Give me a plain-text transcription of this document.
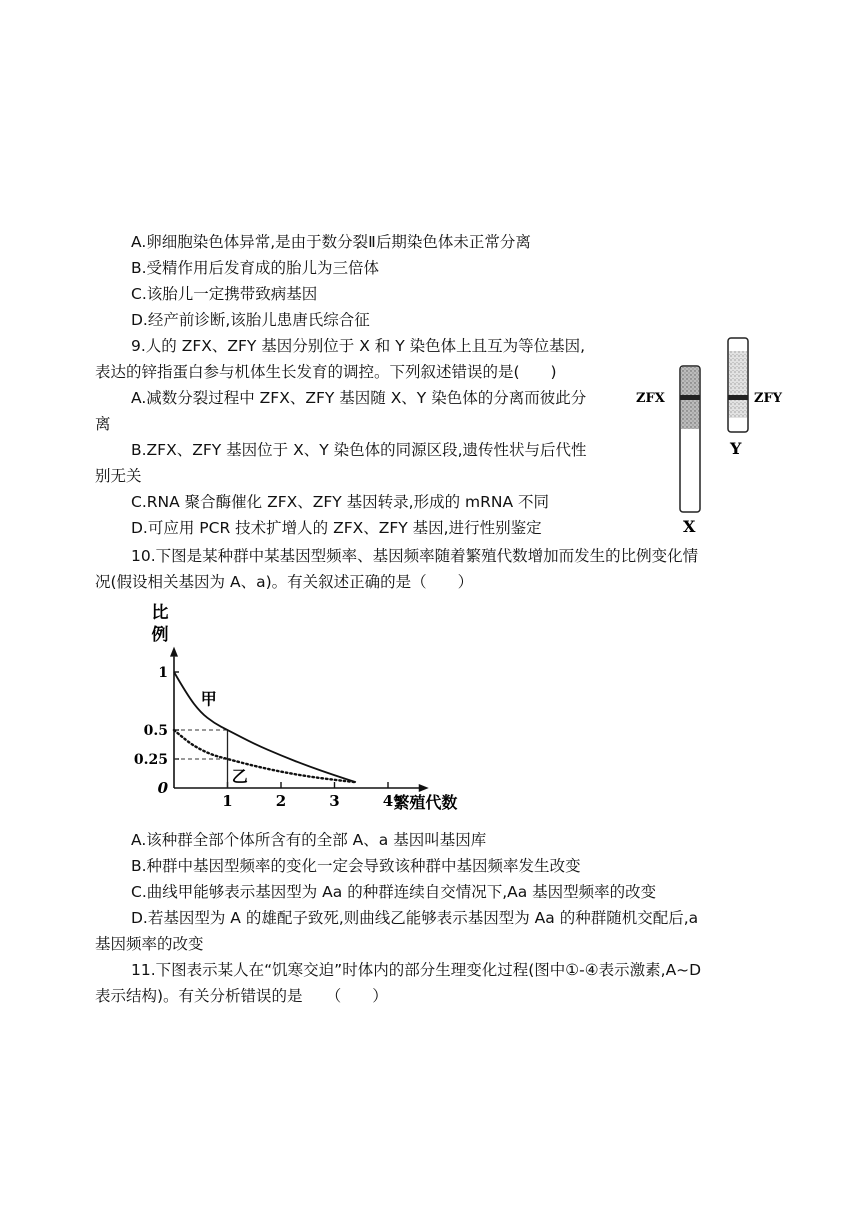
A.卵细胞染色体异常,是由于数分裂Ⅱ后期染色体未正常分离
B.受精作用后发育成的胎儿为三倍体
C.该胎儿一定携带致病基因
D.经产前诊断,该胎儿患唐氏综合征
9.人的 ZFX、ZFY 基因分别位于 X 和 Y 染色体上且互为等位基因,
表达的锌指蛋白参与机体生长发育的调控。下列叙述错误的是(　　)
A.减数分裂过程中 ZFX、ZFY 基因随 X、Y 染色体的分离而彼此分
离
B.ZFX、ZFY 基因位于 X、Y 染色体的同源区段,遗传性状与后代性
别无关
C.RNA 聚合酶催化 ZFX、ZFY 基因转录,形成的 mRNA 不同
D.可应用 PCR 技术扩增人的 ZFX、ZFY 基因,进行性别鉴定
ZFX	ZFY
Y
X
10.下图是某种群中某基因型频率、基因频率随着繁殖代数增加而发生的比例变化情
况(假设相关基因为 A、a)。有关叙述正确的是（　　）
1	2	3	4
1
0.5
0.25
0
甲
乙
比
例
繁殖代数
A.该种群全部个体所含有的全部 A、a 基因叫基因库
B.种群中基因型频率的变化一定会导致该种群中基因频率发生改变
C.曲线甲能够表示基因型为 Aa 的种群连续自交情况下,Aa 基因型频率的改变
D.若基因型为 A 的雄配子致死,则曲线乙能够表示基因型为 Aa 的种群随机交配后,a
基因频率的改变
11.下图表示某人在“饥寒交迫”时体内的部分生理变化过程(图中①-④表示激素,A~D
表示结构)。有关分析错误的是　　（　　）
